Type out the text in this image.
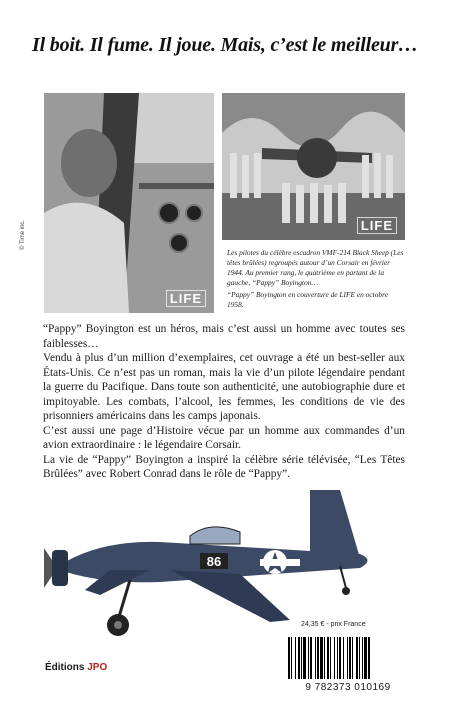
Il boit. Il fume. Il joue. Mais, c’est le meilleur…
LIFE
© Time inc.	LIFE
Les pilotes du célèbre escadron VMF-214 Black Sheep (Les têtes brûlées) regroupés autour d’un Corsair en février 1944. Au premier rang, le quatrième en partant de la gauche, “Pappy” Boyington…
“Pappy” Boyington en couverture de LIFE en octobre 1958.

“Pappy” Boyington est un héros, mais c’est aussi un homme avec toutes ses faiblesses…

Vendu à plus d’un million d’exemplaires, cet ouvrage a été un best-seller aux États-Unis. Ce n’est pas un roman, mais la vie d’un pilote légendaire pendant la guerre du Pacifique. Dans toute son authenticité, une autobiographie dure et impitoyable. Les combats, l’alcool, les femmes, les conditions de vie des prisonniers américains dans les camps japonais.

C’est aussi une page d’Histoire vécue par un homme aux commandes d’un avion extraordinaire : le légendaire Corsair.

La vie de “Pappy” Boyington a inspiré la célèbre série télévisée, “Les Têtes Brûlées” avec Robert Conrad dans le rôle de “Pappy”.

86
24,35 € - prix France
9 782373 010169
Éditions JPO
